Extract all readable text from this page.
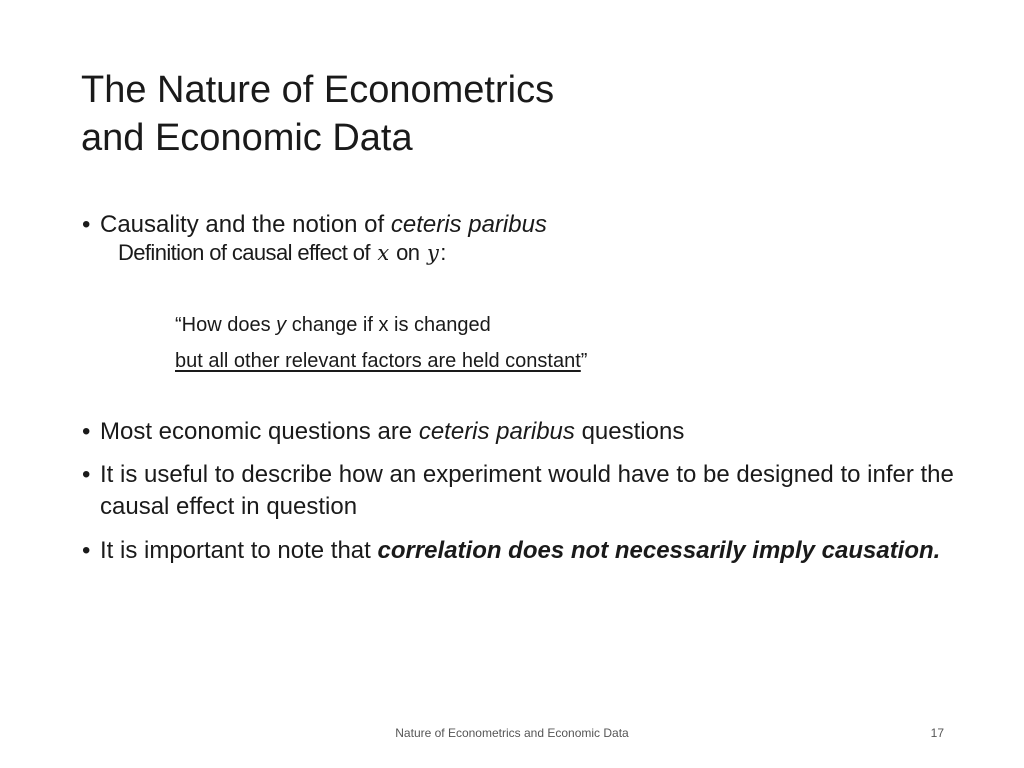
The Nature of Econometrics
and Economic Data
• Causality and the notion of ceteris paribus
Definition of causal effect of x on y:
“How does y change if x is changed
but all other relevant factors are held constant”
• Most economic questions are ceteris paribus questions
• It is useful to describe how an experiment would have to be designed to infer the causal effect in question
• It is important to note that correlation does not necessarily imply causation.
Nature of Econometrics and Economic Data	17
